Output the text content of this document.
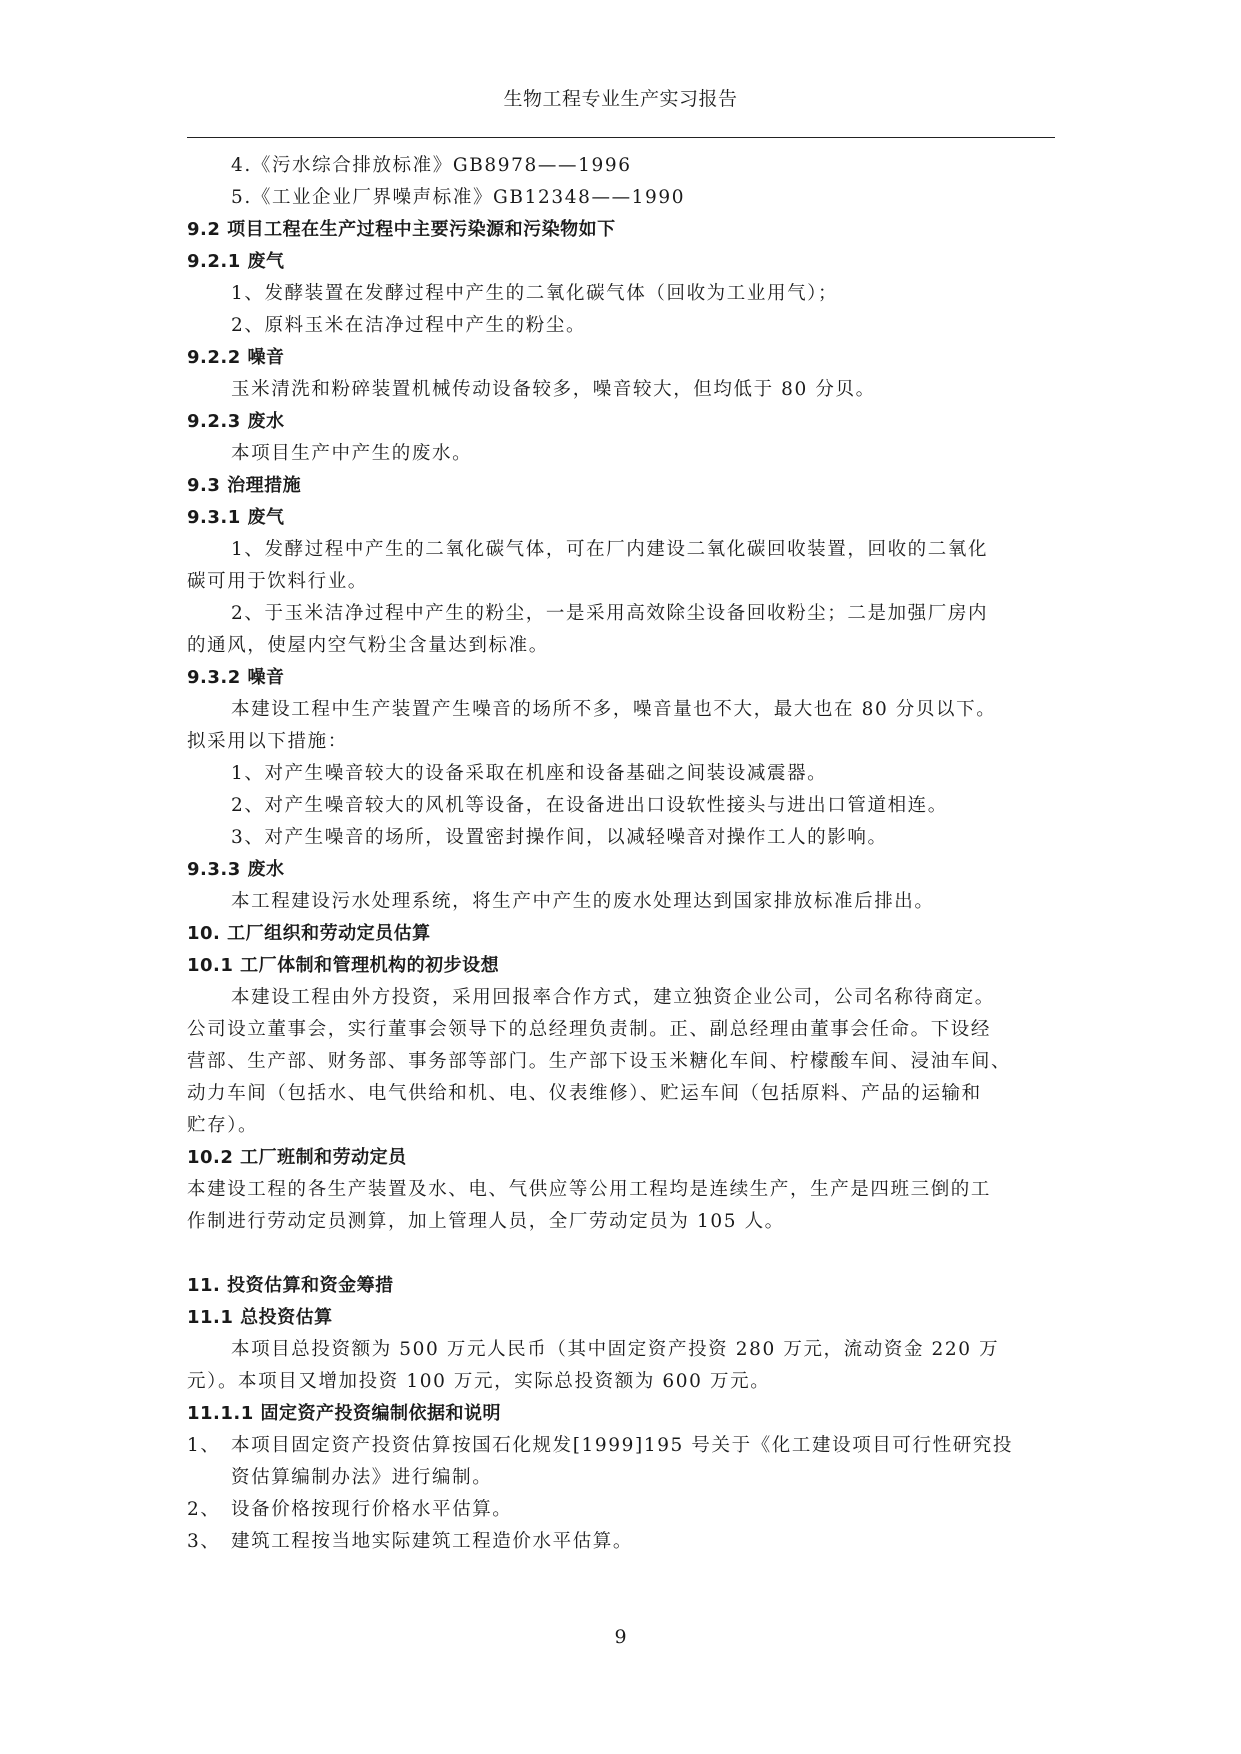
生物工程专业生产实习报告
4.《污水综合排放标准》GB8978——1996
5.《工业企业厂界噪声标准》GB12348——1990
9.2 项目工程在生产过程中主要污染源和污染物如下
9.2.1 废气
1、发酵装置在发酵过程中产生的二氧化碳气体（回收为工业用气）；
2、原料玉米在洁净过程中产生的粉尘。
9.2.2 噪音
玉米清洗和粉碎装置机械传动设备较多，噪音较大，但均低于 80 分贝。
9.2.3 废水
本项目生产中产生的废水。
9.3 治理措施
9.3.1 废气
1、发酵过程中产生的二氧化碳气体，可在厂内建设二氧化碳回收装置，回收的二氧化
碳可用于饮料行业。
2、于玉米洁净过程中产生的粉尘，一是采用高效除尘设备回收粉尘；二是加强厂房内
的通风，使屋内空气粉尘含量达到标准。
9.3.2 噪音
本建设工程中生产装置产生噪音的场所不多，噪音量也不大，最大也在 80 分贝以下。
拟采用以下措施：
1、对产生噪音较大的设备采取在机座和设备基础之间装设减震器。
2、对产生噪音较大的风机等设备，在设备进出口设软性接头与进出口管道相连。
3、对产生噪音的场所，设置密封操作间，以减轻噪音对操作工人的影响。
9.3.3 废水
本工程建设污水处理系统，将生产中产生的废水处理达到国家排放标准后排出。
10. 工厂组织和劳动定员估算
10.1 工厂体制和管理机构的初步设想
本建设工程由外方投资，采用回报率合作方式，建立独资企业公司，公司名称待商定。
公司设立董事会，实行董事会领导下的总经理负责制。正、副总经理由董事会任命。下设经
营部、生产部、财务部、事务部等部门。生产部下设玉米糖化车间、柠檬酸车间、浸油车间、
动力车间（包括水、电气供给和机、电、仪表维修）、贮运车间（包括原料、产品的运输和
贮存）。
10.2 工厂班制和劳动定员
本建设工程的各生产装置及水、电、气供应等公用工程均是连续生产，生产是四班三倒的工
作制进行劳动定员测算，加上管理人员，全厂劳动定员为 105 人。
11. 投资估算和资金筹措
11.1 总投资估算
本项目总投资额为 500 万元人民币（其中固定资产投资 280 万元，流动资金 220 万
元）。本项目又增加投资 100 万元，实际总投资额为 600 万元。
11.1.1 固定资产投资编制依据和说明
1、 本项目固定资产投资估算按国石化规发[1999]195 号关于《化工建设项目可行性研究投
资估算编制办法》进行编制。
2、 设备价格按现行价格水平估算。
3、 建筑工程按当地实际建筑工程造价水平估算。
9
